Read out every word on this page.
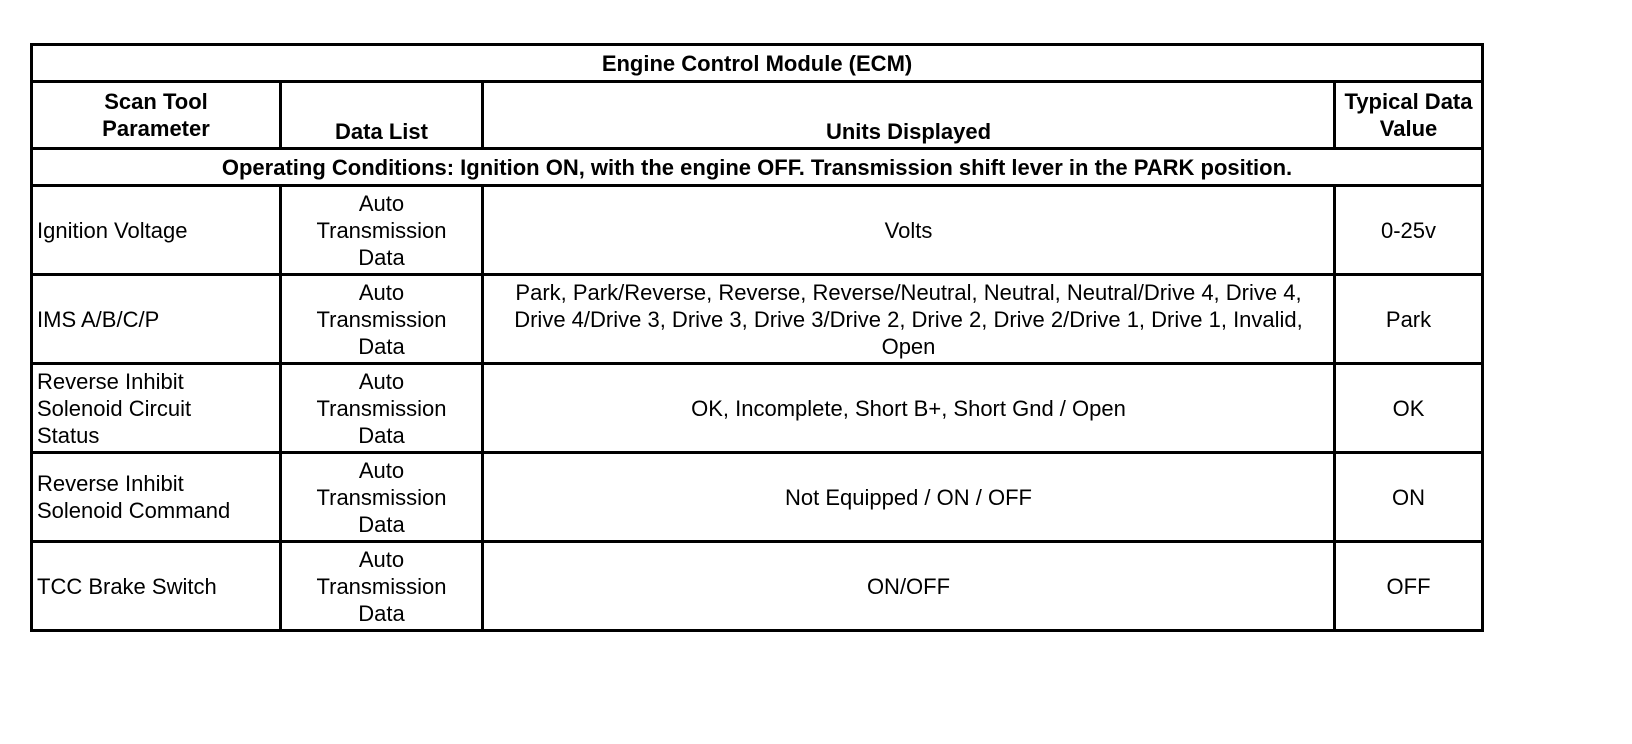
Engine Control Module (ECM)			
Scan Tool Parameter	Data List	Units Displayed	Typical Data Value
Operating Conditions: Ignition ON, with the engine OFF. Transmission shift lever in the PARK position.			
Ignition Voltage	Auto Transmission Data	Volts	0-25v
IMS A/B/C/P	Auto Transmission Data	Park, Park/Reverse, Reverse, Reverse/Neutral, Neutral, Neutral/Drive 4, Drive 4, Drive 4/Drive 3, Drive 3, Drive 3/Drive 2, Drive 2, Drive 2/Drive 1, Drive 1, Invalid, Open	Park
Reverse Inhibit Solenoid Circuit Status	Auto Transmission Data	OK, Incomplete, Short B+, Short Gnd / Open	OK
Reverse Inhibit Solenoid Command	Auto Transmission Data	Not Equipped / ON / OFF	ON
TCC Brake Switch	Auto Transmission Data	ON/OFF	OFF
